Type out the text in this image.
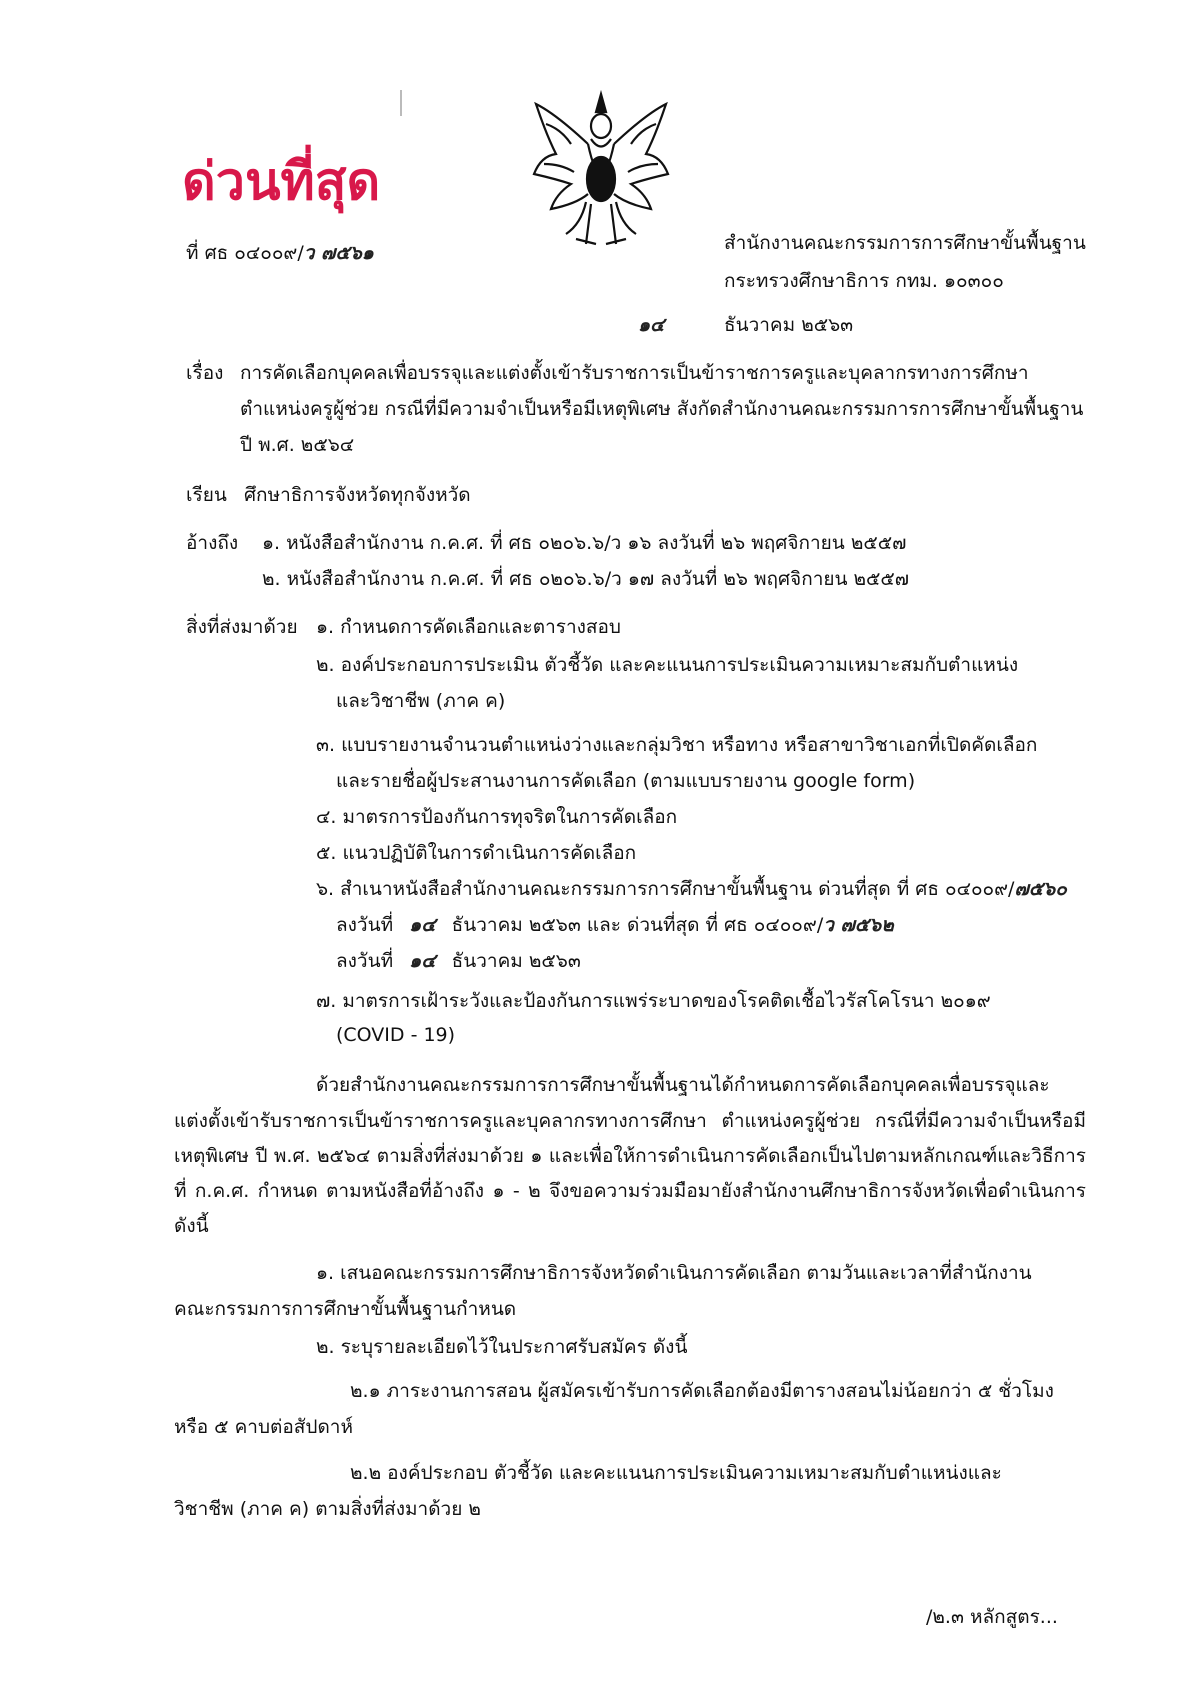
ด่วนที่สุด
ที่ ศธ ๐๔๐๐๙/ว ๗๕๖๑	สำนักงานคณะกรรมการการศึกษาขั้นพื้นฐาน
กระทรวงศึกษาธิการ กทม. ๑๐๓๐๐
๑๔	ธันวาคม ๒๕๖๓
เรื่อง การคัดเลือกบุคคลเพื่อบรรจุและแต่งตั้งเข้ารับราชการเป็นข้าราชการครูและบุคลากรทางการศึกษา
ตำแหน่งครูผู้ช่วย กรณีที่มีความจำเป็นหรือมีเหตุพิเศษ สังกัดสำนักงานคณะกรรมการการศึกษาขั้นพื้นฐาน
ปี พ.ศ. ๒๕๖๔
เรียน ศึกษาธิการจังหวัดทุกจังหวัด
อ้างถึง ๑. หนังสือสำนักงาน ก.ค.ศ. ที่ ศธ ๐๒๐๖.๖/ว ๑๖ ลงวันที่ ๒๖ พฤศจิกายน ๒๕๕๗
๒. หนังสือสำนักงาน ก.ค.ศ. ที่ ศธ ๐๒๐๖.๖/ว ๑๗ ลงวันที่ ๒๖ พฤศจิกายน ๒๕๕๗
สิ่งที่ส่งมาด้วย ๑. กำหนดการคัดเลือกและตารางสอบ
๒. องค์ประกอบการประเมิน ตัวชี้วัด และคะแนนการประเมินความเหมาะสมกับตำแหน่ง
และวิชาชีพ (ภาค ค)
๓. แบบรายงานจำนวนตำแหน่งว่างและกลุ่มวิชา หรือทาง หรือสาขาวิชาเอกที่เปิดคัดเลือก
และรายชื่อผู้ประสานงานการคัดเลือก (ตามแบบรายงาน google form)
๔. มาตรการป้องกันการทุจริตในการคัดเลือก
๕. แนวปฏิบัติในการดำเนินการคัดเลือก
๖. สำเนาหนังสือสำนักงานคณะกรรมการการศึกษาขั้นพื้นฐาน ด่วนที่สุด ที่ ศธ ๐๔๐๐๙/๗๕๖๐
ลงวันที่ ๑๔ ธันวาคม ๒๕๖๓ และ ด่วนที่สุด ที่ ศธ ๐๔๐๐๙/ว ๗๕๖๒
ลงวันที่ ๑๔ ธันวาคม ๒๕๖๓
๗. มาตรการเฝ้าระวังและป้องกันการแพร่ระบาดของโรคติดเชื้อไวรัสโคโรนา ๒๐๑๙
(COVID - 19)
ด้วยสำนักงานคณะกรรมการการศึกษาขั้นพื้นฐานได้กำหนดการคัดเลือกบุคคลเพื่อบรรจุและ

แต่งตั้งเข้ารับราชการเป็นข้าราชการครูและบุคลากรทางการศึกษา ตำแหน่งครูผู้ช่วย กรณีที่มีความจำเป็นหรือมีเหตุพิเศษ ปี พ.ศ. ๒๕๖๔ ตามสิ่งที่ส่งมาด้วย ๑ และเพื่อให้การดำเนินการคัดเลือกเป็นไปตามหลักเกณฑ์และวิธีการที่ ก.ค.ศ. กำหนด ตามหนังสือที่อ้างถึง ๑ - ๒ จึงขอความร่วมมือมายังสำนักงานศึกษาธิการจังหวัดเพื่อดำเนินการ ดังนี้

๑. เสนอคณะกรรมการศึกษาธิการจังหวัดดำเนินการคัดเลือก ตามวันและเวลาที่สำนักงาน
คณะกรรมการการศึกษาขั้นพื้นฐานกำหนด
๒. ระบุรายละเอียดไว้ในประกาศรับสมัคร ดังนี้
๒.๑ ภาระงานการสอน ผู้สมัครเข้ารับการคัดเลือกต้องมีตารางสอนไม่น้อยกว่า ๕ ชั่วโมง
หรือ ๕ คาบต่อสัปดาห์
๒.๒ องค์ประกอบ ตัวชี้วัด และคะแนนการประเมินความเหมาะสมกับตำแหน่งและ
วิชาชีพ (ภาค ค) ตามสิ่งที่ส่งมาด้วย ๒
/๒.๓ หลักสูตร...
